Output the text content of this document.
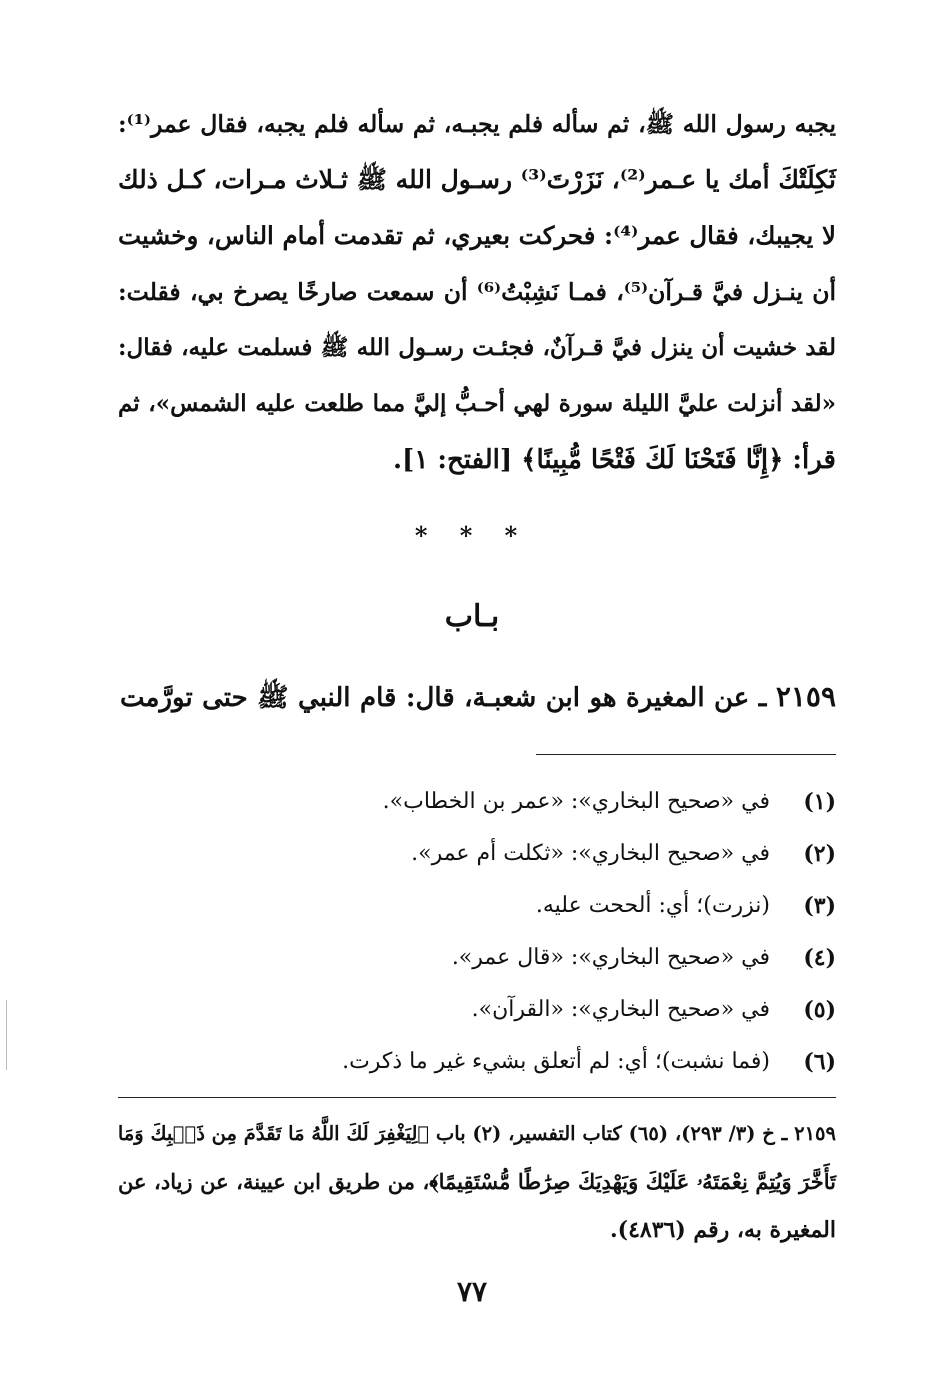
يجبه رسول الله ﷺ، ثم سأله فلم يجبـه، ثم سأله فلم يجبه، فقال عمر⁽¹⁾:
ثَكِلَتْكَ أمك يا عـمر⁽²⁾، نَزَرْتَ⁽³⁾ رسـول الله ﷺ ثـلاث مـرات، كـل ذلك
لا يجيبك، فقال عمر⁽⁴⁾: فحركت بعيري، ثم تقدمت أمام الناس، وخشيت
أن ينـزل فيَّ قـرآن⁽⁵⁾، فمـا نَشِبْتُ⁽⁶⁾ أن سمعت صارخًا يصرخ بي، فقلت:
لقد خشيت أن ينزل فيَّ قـرآنٌ، فجئـت رسـول الله ﷺ فسلمت عليه، فقال:
«لقد أنزلت عليَّ الليلة سورة لهي أحـبُّ إليَّ مما طلعت عليه الشمس»، ثم
قرأ: ﴿إِنَّا فَتَحْنَا لَكَ فَتْحًا مُّبِينًا﴾ [الفتح: ١].
* * *
بـاب
٢١٥٩ ـ عن المغيرة هو ابن شعبـة، قال: قام النبي ﷺ حتى تورَّمت
(١)
في «صحيح البخاري»: «عمر بن الخطاب».
(٢)
في «صحيح البخاري»: «ثكلت أم عمر».
(٣)
(نزرت)؛ أي: ألححت عليه.
(٤)
في «صحيح البخاري»: «قال عمر».
(٥)
في «صحيح البخاري»: «القرآن».
(٦)
(فما نشبت)؛ أي: لم أتعلق بشيء غير ما ذكرت.
٢١٥٩ ـ خ (٣/ ٢٩٣)، (٦٥) كتاب التفسير، (٢) باب ﴿لِيَغْفِرَ لَكَ اللَّهُ مَا تَقَدَّمَ مِن ذَنۢبِكَ وَمَا
تَأَخَّرَ وَيُتِمَّ نِعْمَتَهُۥ عَلَيْكَ وَيَهْدِيَكَ صِرَٰطًا مُّسْتَقِيمًا﴾، من طريق ابن عيينة، عن زياد، عن
المغيرة به، رقم (٤٨٣٦).
٧٧
